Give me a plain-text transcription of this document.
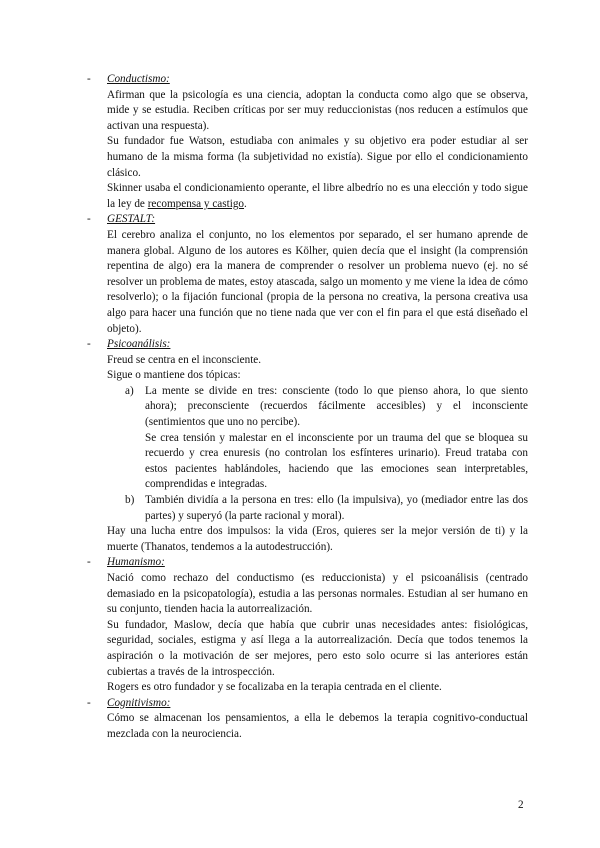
- Conductismo:
Afirman que la psicología es una ciencia, adoptan la conducta como algo que se observa, mide y se estudia. Reciben críticas por ser muy reduccionistas (nos reducen a estímulos que activan una respuesta).
Su fundador fue Watson, estudiaba con animales y su objetivo era poder estudiar al ser humano de la misma forma (la subjetividad no existía). Sigue por ello el condicionamiento clásico.
Skinner usaba el condicionamiento operante, el libre albedrío no es una elección y todo sigue la ley de recompensa y castigo.
- GESTALT:
El cerebro analiza el conjunto, no los elementos por separado, el ser humano aprende de manera global. Alguno de los autores es Kölher, quien decía que el insight (la comprensión repentina de algo) era la manera de comprender o resolver un problema nuevo (ej. no sé resolver un problema de mates, estoy atascada, salgo un momento y me viene la idea de cómo resolverlo); o la fijación funcional (propia de la persona no creativa, la persona creativa usa algo para hacer una función que no tiene nada que ver con el fin para el que está diseñado el objeto).
- Psicoanálisis:
Freud se centra en el inconsciente.
Sigue o mantiene dos tópicas:
a) La mente se divide en tres: consciente (todo lo que pienso ahora, lo que siento ahora); preconsciente (recuerdos fácilmente accesibles) y el inconsciente (sentimientos que uno no percibe).
Se crea tensión y malestar en el inconsciente por un trauma del que se bloquea su recuerdo y crea enuresis (no controlan los esfínteres urinario). Freud trataba con estos pacientes hablándoles, haciendo que las emociones sean interpretables, comprendidas e integradas.
b) También dividía a la persona en tres: ello (la impulsiva), yo (mediador entre las dos partes) y superyó (la parte racional y moral).
Hay una lucha entre dos impulsos: la vida (Eros, quieres ser la mejor versión de ti) y la muerte (Thanatos, tendemos a la autodestrucción).
- Humanismo:
Nació como rechazo del conductismo (es reduccionista) y el psicoanálisis (centrado demasiado en la psicopatología), estudia a las personas normales. Estudian al ser humano en su conjunto, tienden hacia la autorrealización.
Su fundador, Maslow, decía que había que cubrir unas necesidades antes: fisiológicas, seguridad, sociales, estigma y así llega a la autorrealización. Decía que todos tenemos la aspiración o la motivación de ser mejores, pero esto solo ocurre si las anteriores están cubiertas a través de la introspección.
Rogers es otro fundador y se focalizaba en la terapia centrada en el cliente.
- Cognitivismo:
Cómo se almacenan los pensamientos, a ella le debemos la terapia cognitivo-conductual mezclada con la neurociencia.
2
